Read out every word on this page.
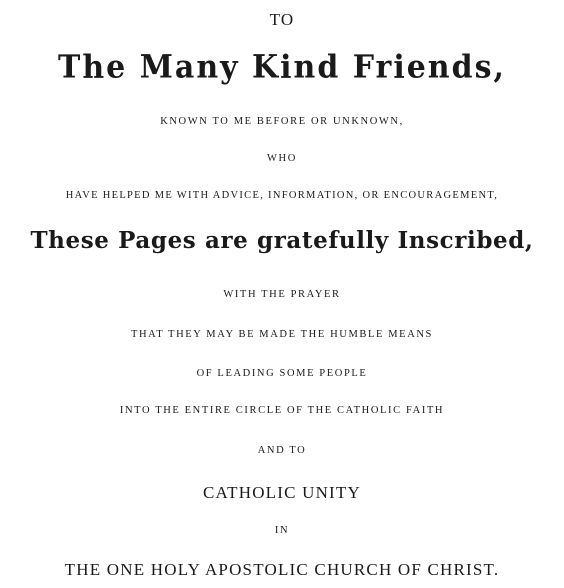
TO
The Many Kind Friends,
KNOWN TO ME BEFORE OR UNKNOWN,
WHO
HAVE HELPED ME WITH ADVICE, INFORMATION, OR ENCOURAGEMENT,
These Pages are gratefully Inscribed,
WITH THE PRAYER
THAT THEY MAY BE MADE THE HUMBLE MEANS
OF LEADING SOME PEOPLE
INTO THE ENTIRE CIRCLE OF THE CATHOLIC FAITH
AND TO
CATHOLIC UNITY
IN
THE ONE HOLY APOSTOLIC CHURCH OF CHRIST.
